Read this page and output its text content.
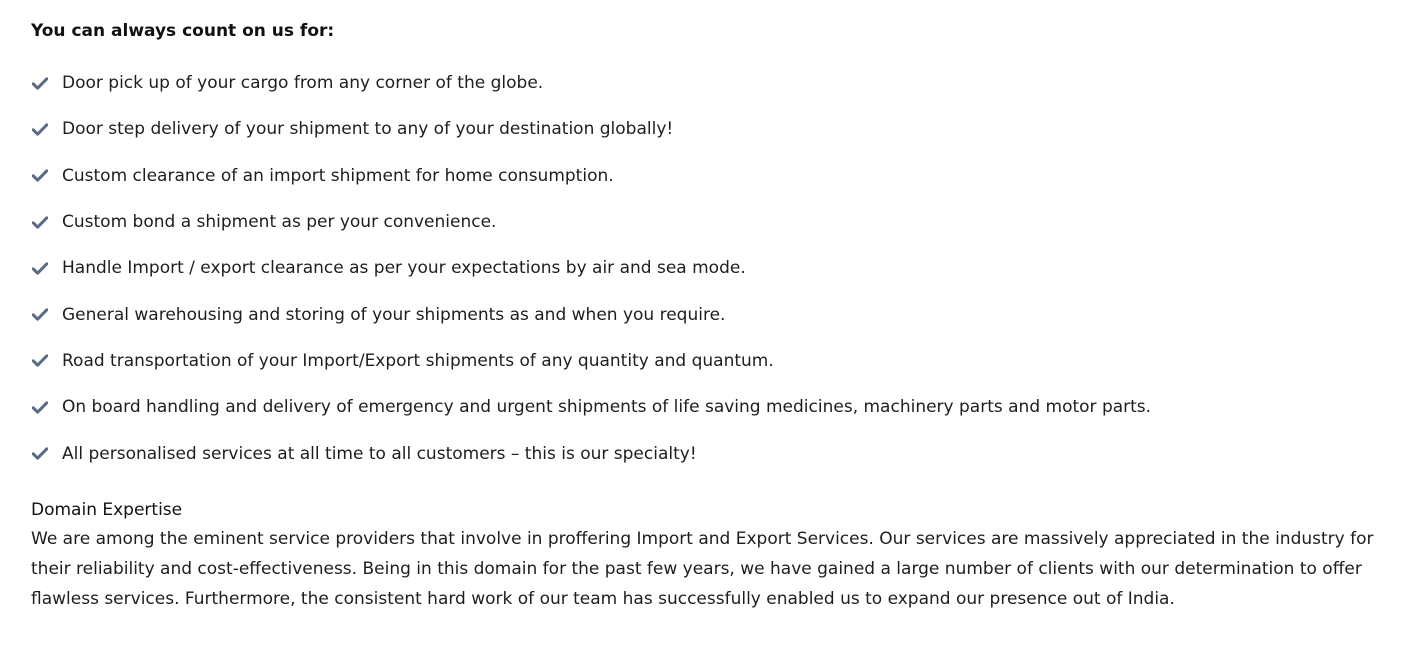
You can always count on us for:

Door pick up of your cargo from any corner of the globe.
Door step delivery of your shipment to any of your destination globally!
Custom clearance of an import shipment for home consumption.
Custom bond a shipment as per your convenience.
Handle Import / export clearance as per your expectations by air and sea mode.
General warehousing and storing of your shipments as and when you require.
Road transportation of your Import/Export shipments of any quantity and quantum.
On board handling and delivery of emergency and urgent shipments of life saving medicines, machinery parts and motor parts.
All personalised services at all time to all customers – this is our specialty!

Domain Expertise

We are among the eminent service providers that involve in proffering Import and Export Services. Our services are massively appreciated in the industry for their reliability and cost-effectiveness. Being in this domain for the past few years, we have gained a large number of clients with our determination to offer flawless services. Furthermore, the consistent hard work of our team has successfully enabled us to expand our presence out of India.
